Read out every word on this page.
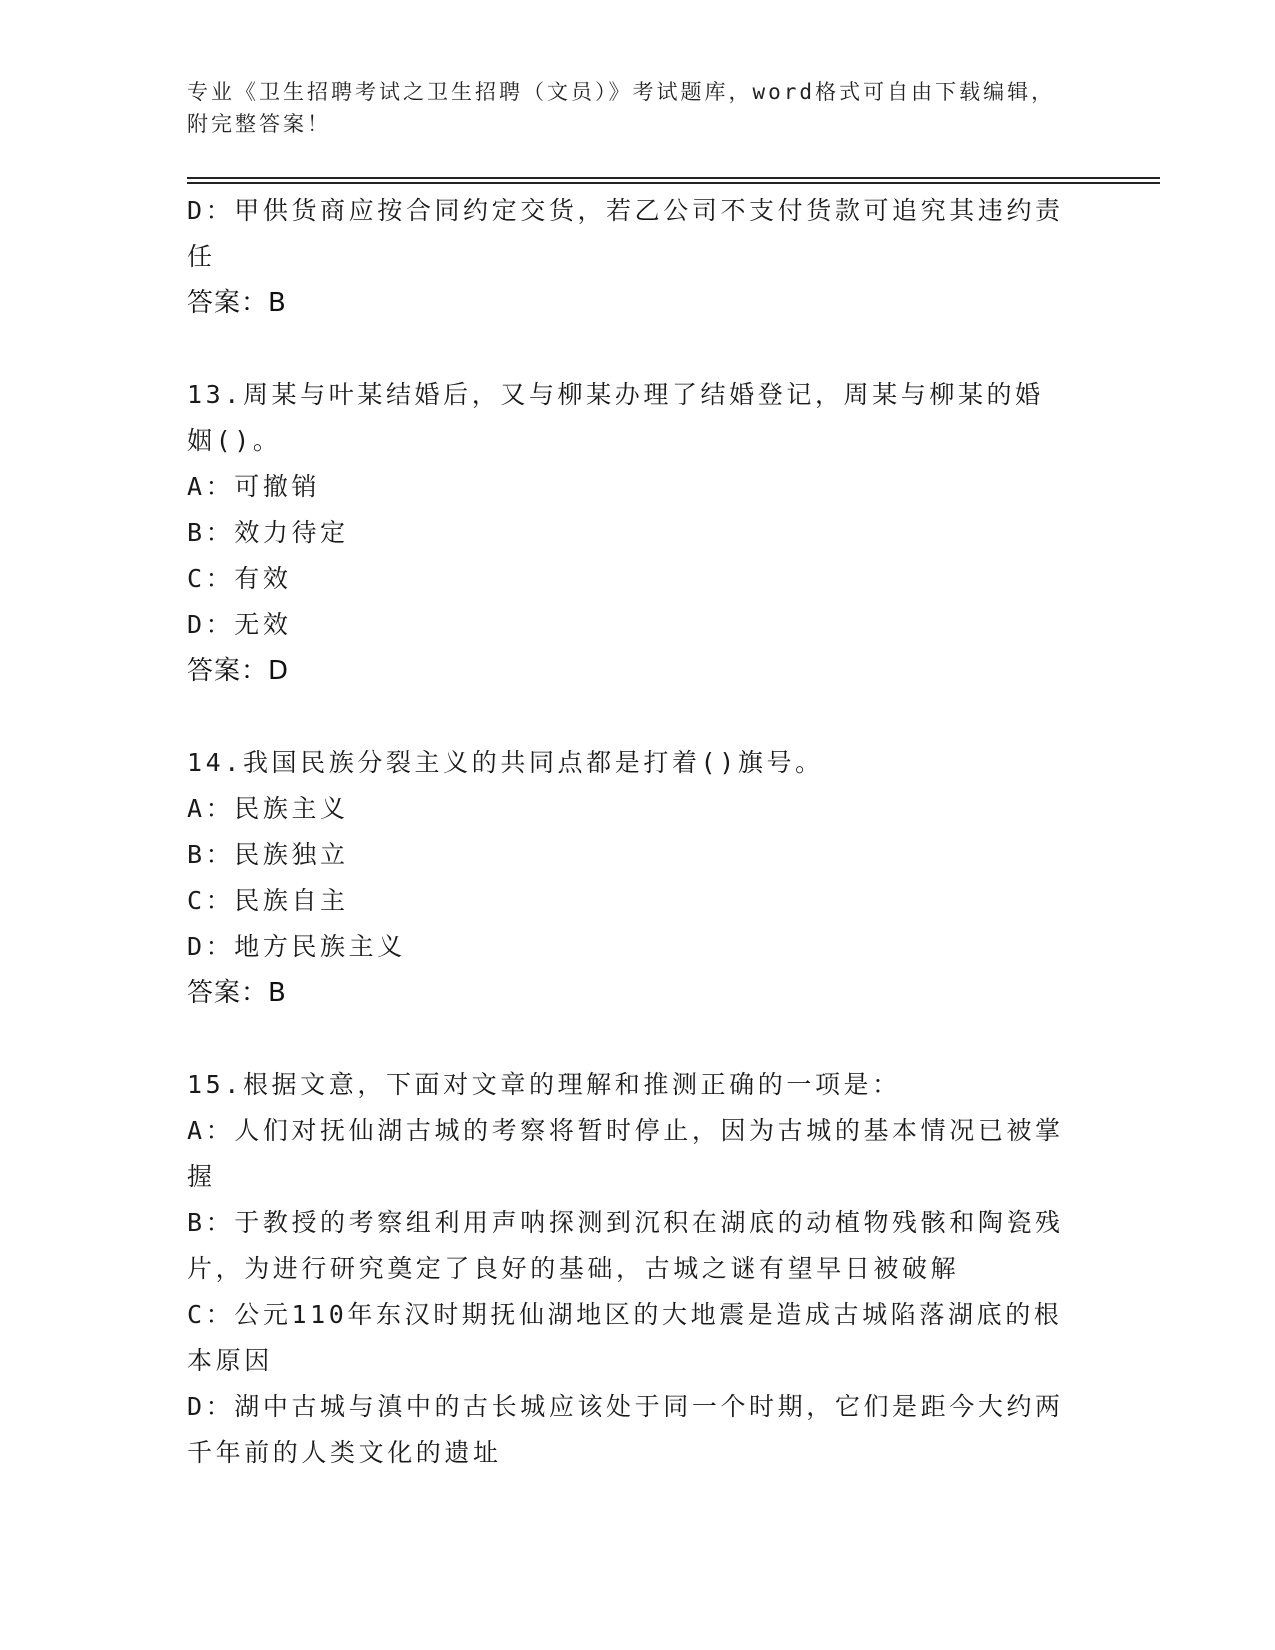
专业《卫生招聘考试之卫生招聘（文员）》考试题库，word格式可自由下载编辑，附完整答案！
D：甲供货商应按合同约定交货，若乙公司不支付货款可追究其违约责任
答案：B
13.周某与叶某结婚后，又与柳某办理了结婚登记，周某与柳某的婚姻()。
A：可撤销
B：效力待定
C：有效
D：无效
答案：D
14.我国民族分裂主义的共同点都是打着()旗号。
A：民族主义
B：民族独立
C：民族自主
D：地方民族主义
答案：B
15.根据文意，下面对文章的理解和推测正确的一项是：
A：人们对抚仙湖古城的考察将暂时停止，因为古城的基本情况已被掌握
B：于教授的考察组利用声呐探测到沉积在湖底的动植物残骸和陶瓷残片，为进行研究奠定了良好的基础，古城之谜有望早日被破解
C：公元110年东汉时期抚仙湖地区的大地震是造成古城陷落湖底的根本原因
D：湖中古城与滇中的古长城应该处于同一个时期，它们是距今大约两千年前的人类文化的遗址
